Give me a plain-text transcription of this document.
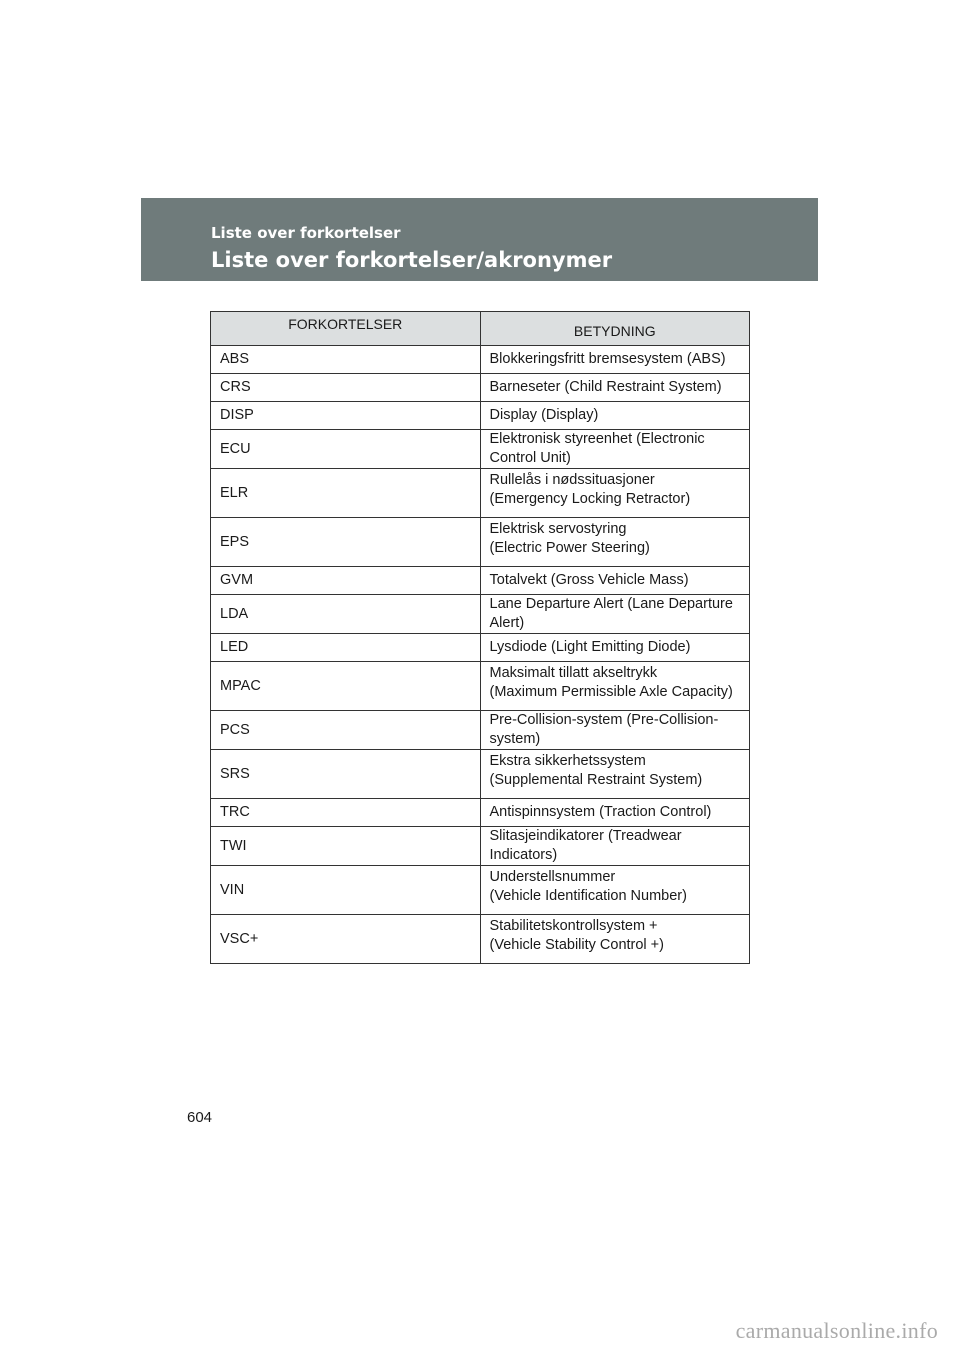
Liste over forkortelser
Liste over forkortelser/akronymer
FORKORTELSER	BETYDNING
ABS	Blokkeringsfritt bremsesystem (ABS)

CRS	Barneseter (Child Restraint System)

DISP	Display (Display)

ECU	Elektronisk styreenhet (Electronic Control Unit)

ELR	Rullelås i nødssituasjoner
(Emergency Locking Retractor)

EPS	Elektrisk servostyring
(Electric Power Steering)

GVM	Totalvekt (Gross Vehicle Mass)

LDA	Lane Departure Alert (Lane Departure Alert)

LED	Lysdiode (Light Emitting Diode)

MPAC	Maksimalt tillatt akseltrykk
(Maximum Permissible Axle Capacity)

PCS	Pre-Collision-system (Pre-Collision-system)

SRS	Ekstra sikkerhetssystem
(Supplemental Restraint System)

TRC	Antispinnsystem (Traction Control)

TWI	Slitasjeindikatorer (Treadwear Indicators)

VIN	Understellsnummer
(Vehicle Identification Number)

VSC+	Stabilitetskontrollsystem +
(Vehicle Stability Control +)
604
carmanualsonline.info
